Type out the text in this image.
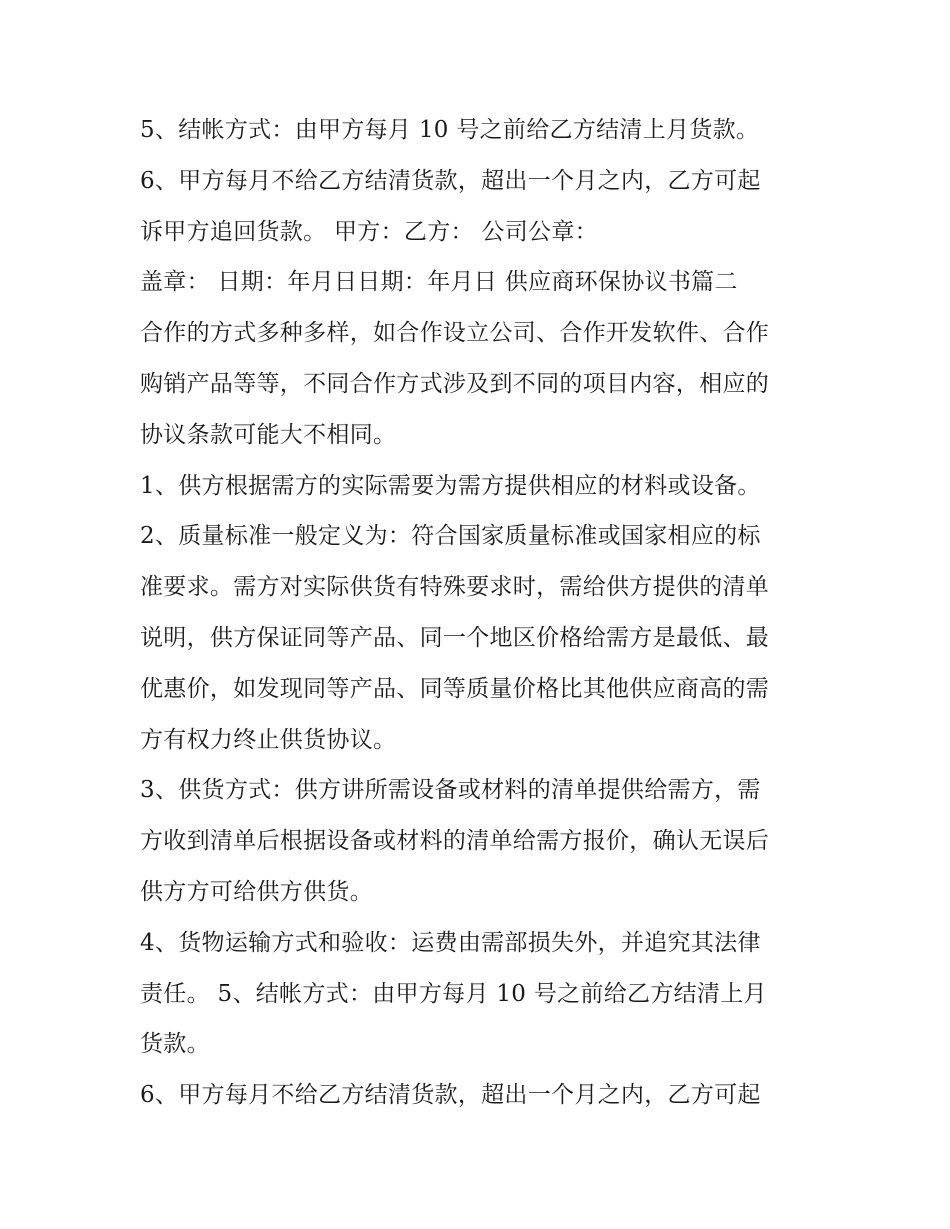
5、结帐方式：由甲方每月 10 号之前给乙方结清上月货款。
6、甲方每月不给乙方结清货款，超出一个月之内，乙方可起
诉甲方追回货款。 甲方：乙方： 公司公章：
盖章： 日期：年月日日期：年月日 供应商环保协议书篇二
合作的方式多种多样，如合作设立公司、合作开发软件、合作
购销产品等等，不同合作方式涉及到不同的项目内容，相应的
协议条款可能大不相同。
1、供方根据需方的实际需要为需方提供相应的材料或设备。
2、质量标准一般定义为：符合国家质量标准或国家相应的标
准要求。需方对实际供货有特殊要求时，需给供方提供的清单
说明，供方保证同等产品、同一个地区价格给需方是最低、最
优惠价，如发现同等产品、同等质量价格比其他供应商高的需
方有权力终止供货协议。
3、供货方式：供方讲所需设备或材料的清单提供给需方，需
方收到清单后根据设备或材料的清单给需方报价，确认无误后
供方方可给供方供货。
4、货物运输方式和验收：运费由需部损失外，并追究其法律
责任。 5、结帐方式：由甲方每月 10 号之前给乙方结清上月
货款。
6、甲方每月不给乙方结清货款，超出一个月之内，乙方可起
